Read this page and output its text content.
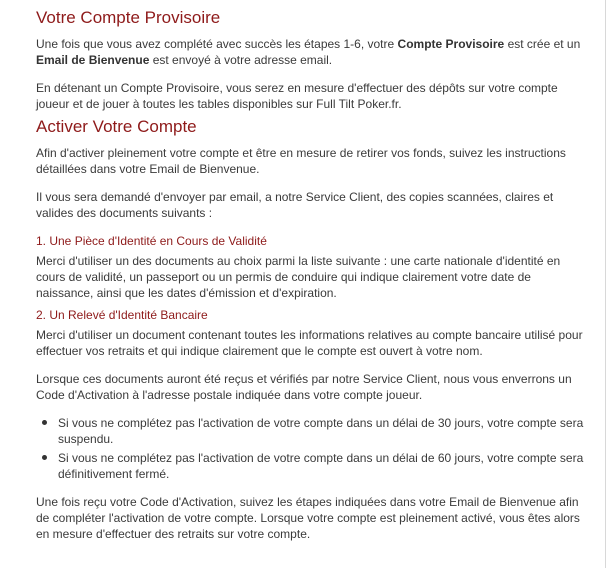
Votre Compte Provisoire

Une fois que vous avez complété avec succès les étapes 1-6, votre Compte Provisoire est crée et un Email de Bienvenue est envoyé à votre adresse email.

En détenant un Compte Provisoire, vous serez en mesure d'effectuer des dépôts sur votre compte joueur et de jouer à toutes les tables disponibles sur Full Tilt Poker.fr.

Activer Votre Compte

Afin d'activer pleinement votre compte et être en mesure de retirer vos fonds, suivez les instructions détaillées dans votre Email de Bienvenue.

Il vous sera demandé d'envoyer par email, a notre Service Client, des copies scannées, claires et valides des documents suivants :

1. Une Pièce d'Identité en Cours de Validité

Merci d'utiliser un des documents au choix parmi la liste suivante : une carte nationale d'identité en cours de validité, un passeport ou un permis de conduire qui indique clairement votre date de naissance, ainsi que les dates d'émission et d'expiration.

2. Un Relevé d'Identité Bancaire

Merci d'utiliser un document contenant toutes les informations relatives au compte bancaire utilisé pour effectuer vos retraits et qui indique clairement que le compte est ouvert à votre nom.

Lorsque ces documents auront été reçus et vérifiés par notre Service Client, nous vous enverrons un Code d'Activation à l'adresse postale indiquée dans votre compte joueur.

Si vous ne complétez pas l'activation de votre compte dans un délai de 30 jours, votre compte sera suspendu.
Si vous ne complétez pas l'activation de votre compte dans un délai de 60 jours, votre compte sera définitivement fermé.

Une fois reçu votre Code d'Activation, suivez les étapes indiquées dans votre Email de Bienvenue afin de compléter l'activation de votre compte. Lorsque votre compte est pleinement activé, vous êtes alors en mesure d'effectuer des retraits sur votre compte.
